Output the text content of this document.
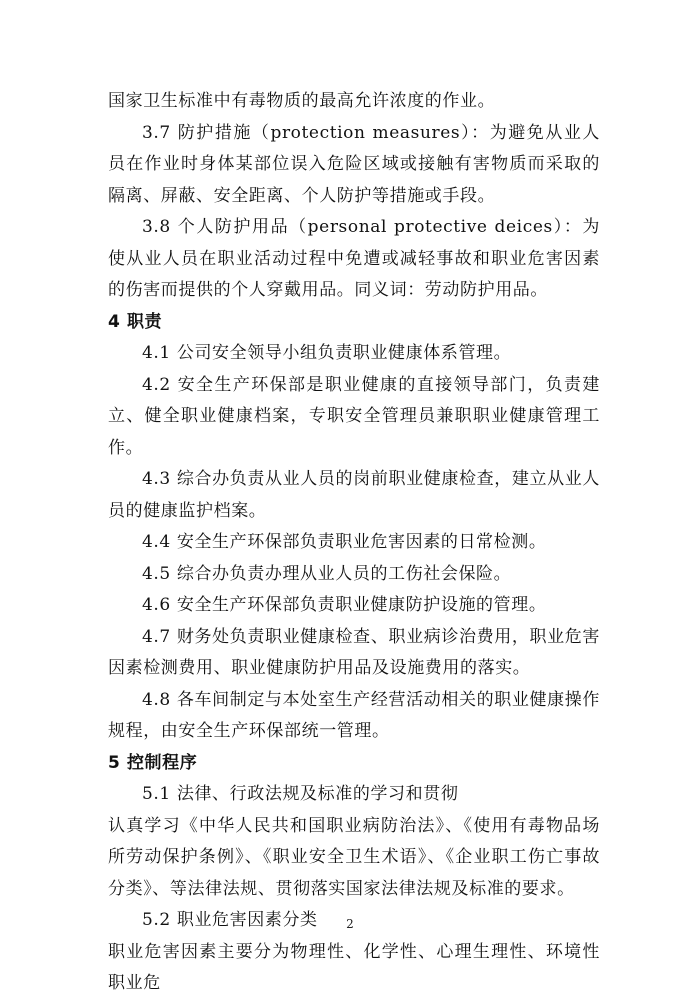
国家卫生标准中有毒物质的最高允许浓度的作业。

3.7 防护措施（protection measures）：为避免从业人员在作业时身体某部位误入危险区域或接触有害物质而采取的隔离、屏蔽、安全距离、个人防护等措施或手段。

3.8 个人防护用品（personal protective deices）：为使从业人员在职业活动过程中免遭或减轻事故和职业危害因素的伤害而提供的个人穿戴用品。同义词：劳动防护用品。

4 职责

4.1 公司安全领导小组负责职业健康体系管理。

4.2 安全生产环保部是职业健康的直接领导部门，负责建立、健全职业健康档案，专职安全管理员兼职职业健康管理工作。

4.3 综合办负责从业人员的岗前职业健康检查，建立从业人员的健康监护档案。

4.4 安全生产环保部负责职业危害因素的日常检测。

4.5 综合办负责办理从业人员的工伤社会保险。

4.6 安全生产环保部负责职业健康防护设施的管理。

4.7 财务处负责职业健康检查、职业病诊治费用，职业危害因素检测费用、职业健康防护用品及设施费用的落实。

4.8 各车间制定与本处室生产经营活动相关的职业健康操作规程，由安全生产环保部统一管理。

5 控制程序

5.1 法律、行政法规及标准的学习和贯彻

认真学习《中华人民共和国职业病防治法》、《使用有毒物品场所劳动保护条例》、《职业安全卫生术语》、《企业职工伤亡事故分类》、等法律法规、贯彻落实国家法律法规及标准的要求。

5.2 职业危害因素分类

职业危害因素主要分为物理性、化学性、心理生理性、环境性职业危

2
